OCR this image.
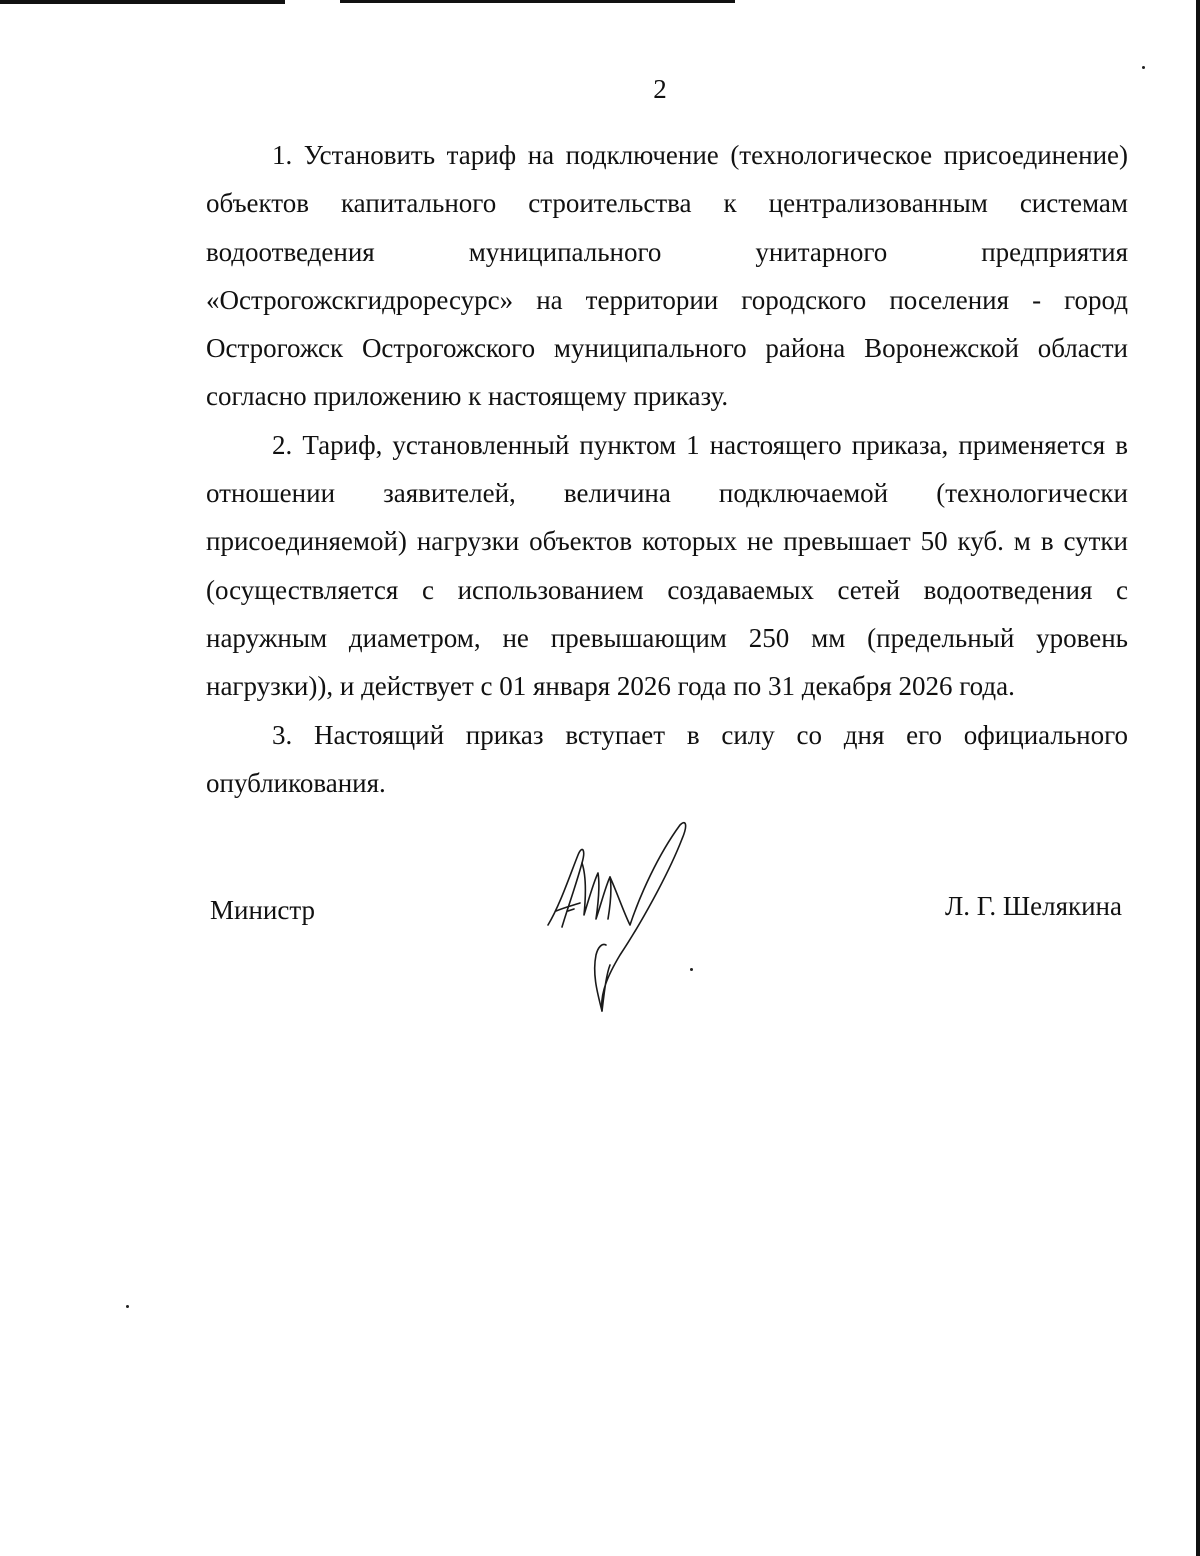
2

1. Установить тариф на подключение (технологическое присоединение) объектов капитального строительства к централизованным системам водоотведения муниципального унитарного предприятия «Острогожскгидроресурс» на территории городского поселения - город Острогожск Острогожского муниципального района Воронежской области согласно приложению к настоящему приказу.

2. Тариф, установленный пунктом 1 настоящего приказа, применяется в отношении заявителей, величина подключаемой (технологически присоединяемой) нагрузки объектов которых не превышает 50 куб. м в сутки (осуществляется с использованием создаваемых сетей водоотведения с наружным диаметром, не превышающим 250 мм (предельный уровень нагрузки)), и действует с 01 января 2026 года по 31 декабря 2026 года.

3. Настоящий приказ вступает в силу со дня его официального опубликования.

Министр	Л. Г. Шелякина
